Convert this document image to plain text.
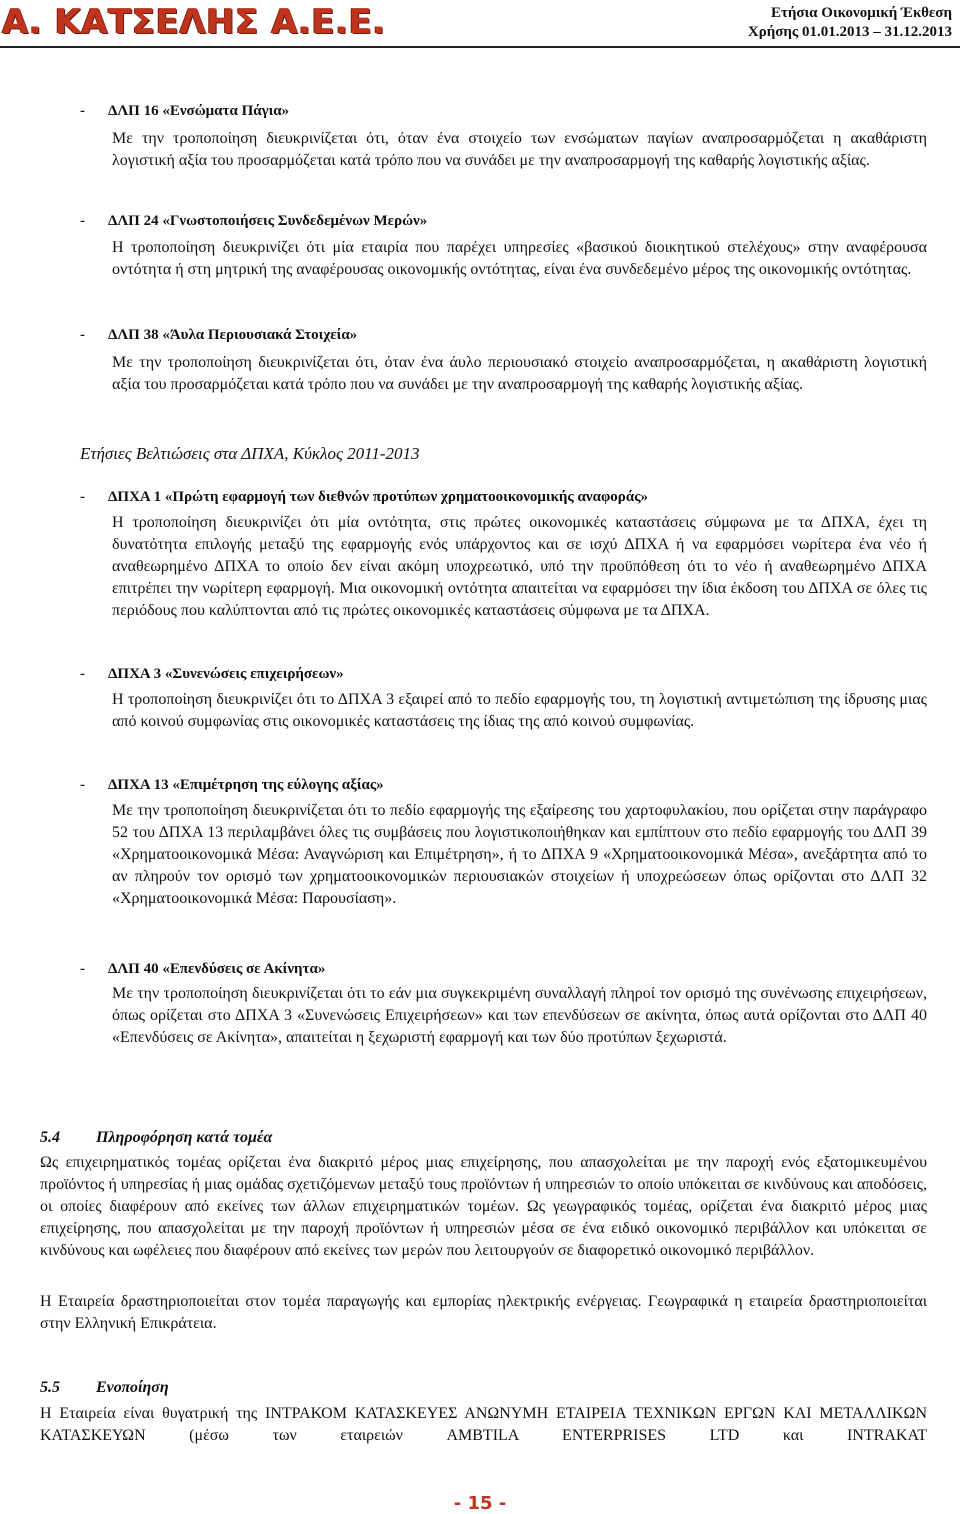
Α. ΚΑΤΣΕΛΗΣ Α.Ε.Ε.	Ετήσια Οικονομική Έκθεση
Χρήσης 01.01.2013 – 31.12.2013
- ΔΛΠ 16 «Ενσώματα Πάγια»
Με την τροποποίηση διευκρινίζεται ότι, όταν ένα στοιχείο των ενσώματων παγίων αναπροσαρμόζεται η ακαθάριστη λογιστική αξία του προσαρμόζεται κατά τρόπο που να συνάδει με την αναπροσαρμογή της καθαρής λογιστικής αξίας.
- ΔΛΠ 24 «Γνωστοποιήσεις Συνδεδεμένων Μερών»
Η τροποποίηση διευκρινίζει ότι μία εταιρία που παρέχει υπηρεσίες «βασικού διοικητικού στελέχους» στην αναφέρουσα οντότητα ή στη μητρική της αναφέρουσας οικονομικής οντότητας, είναι ένα συνδεδεμένο μέρος της οικονομικής οντότητας.
- ΔΛΠ 38 «Άυλα Περιουσιακά Στοιχεία»
Με την τροποποίηση διευκρινίζεται ότι, όταν ένα άυλο περιουσιακό στοιχείο αναπροσαρμόζεται, η ακαθάριστη λογιστική αξία του προσαρμόζεται κατά τρόπο που να συνάδει με την αναπροσαρμογή της καθαρής λογιστικής αξίας.
Ετήσιες Βελτιώσεις στα ΔΠΧΑ, Κύκλος 2011-2013
- ΔΠΧΑ 1 «Πρώτη εφαρμογή των διεθνών προτύπων χρηματοοικονομικής αναφοράς»
Η τροποποίηση διευκρινίζει ότι μία οντότητα, στις πρώτες οικονομικές καταστάσεις σύμφωνα με τα ΔΠΧΑ, έχει τη δυνατότητα επιλογής μεταξύ της εφαρμογής ενός υπάρχοντος και σε ισχύ ΔΠΧΑ ή να εφαρμόσει νωρίτερα ένα νέο ή αναθεωρημένο ΔΠΧΑ το οποίο δεν είναι ακόμη υποχρεωτικό, υπό την προϋπόθεση ότι το νέο ή αναθεωρημένο ΔΠΧΑ επιτρέπει την νωρίτερη εφαρμογή. Μια οικονομική οντότητα απαιτείται να εφαρμόσει την ίδια έκδοση του ΔΠΧΑ σε όλες τις περιόδους που καλύπτονται από τις πρώτες οικονομικές καταστάσεις σύμφωνα με τα ΔΠΧΑ.
- ΔΠΧΑ 3 «Συνενώσεις επιχειρήσεων»
Η τροποποίηση διευκρινίζει ότι το ΔΠΧΑ 3 εξαιρεί από το πεδίο εφαρμογής του, τη λογιστική αντιμετώπιση της ίδρυσης μιας από κοινού συμφωνίας στις οικονομικές καταστάσεις της ίδιας της από κοινού συμφωνίας.
- ΔΠΧΑ 13 «Επιμέτρηση της εύλογης αξίας»
Με την τροποποίηση διευκρινίζεται ότι το πεδίο εφαρμογής της εξαίρεσης του χαρτοφυλακίου, που ορίζεται στην παράγραφο 52 του ΔΠΧΑ 13 περιλαμβάνει όλες τις συμβάσεις που λογιστικοποιήθηκαν και εμπίπτουν στο πεδίο εφαρμογής του ΔΛΠ 39 «Χρηματοοικονομικά Μέσα: Αναγνώριση και Επιμέτρηση», ή το ΔΠΧΑ 9 «Χρηματοοικονομικά Μέσα», ανεξάρτητα από το αν πληρούν τον ορισμό των χρηματοοικονομικών περιουσιακών στοιχείων ή υποχρεώσεων όπως ορίζονται στο ΔΛΠ 32 «Χρηματοοικονομικά Μέσα: Παρουσίαση».
- ΔΛΠ 40 «Επενδύσεις σε Ακίνητα»
Με την τροποποίηση διευκρινίζεται ότι το εάν μια συγκεκριμένη συναλλαγή πληροί τον ορισμό της συνένωσης επιχειρήσεων, όπως ορίζεται στο ΔΠΧΑ 3 «Συνενώσεις Επιχειρήσεων» και των επενδύσεων σε ακίνητα, όπως αυτά ορίζονται στο ΔΛΠ 40 «Επενδύσεις σε Ακίνητα», απαιτείται η ξεχωριστή εφαρμογή και των δύο προτύπων ξεχωριστά.
5.4 Πληροφόρηση κατά τομέα
Ως επιχειρηματικός τομέας ορίζεται ένα διακριτό μέρος μιας επιχείρησης, που απασχολείται με την παροχή ενός εξατομικευμένου προϊόντος ή υπηρεσίας ή μιας ομάδας σχετιζόμενων μεταξύ τους προϊόντων ή υπηρεσιών το οποίο υπόκειται σε κινδύνους και αποδόσεις, οι οποίες διαφέρουν από εκείνες των άλλων επιχειρηματικών τομέων. Ως γεωγραφικός τομέας, ορίζεται ένα διακριτό μέρος μιας επιχείρησης, που απασχολείται με την παροχή προϊόντων ή υπηρεσιών μέσα σε ένα ειδικό οικονομικό περιβάλλον και υπόκειται σε κινδύνους και ωφέλειες που διαφέρουν από εκείνες των μερών που λειτουργούν σε διαφορετικό οικονομικό περιβάλλον.
Η Εταιρεία δραστηριοποιείται στον τομέα παραγωγής και εμπορίας ηλεκτρικής ενέργειας. Γεωγραφικά η εταιρεία δραστηριοποιείται στην Ελληνική Επικράτεια.
5.5 Ενοποίηση
Η Εταιρεία είναι θυγατρική της ΙΝΤΡΑΚΟΜ ΚΑΤΑΣΚΕΥΕΣ ΑΝΩΝΥΜΗ ΕΤΑΙΡΕΙΑ ΤΕΧΝΙΚΩΝ ΕΡΓΩΝ ΚΑΙ ΜΕΤΑΛΛΙΚΩΝ ΚΑΤΑΣΚΕΥΩΝ (μέσω των εταιρειών AMBTILA ENTERPRISES LTD και INTRAKAT
- 15 -
